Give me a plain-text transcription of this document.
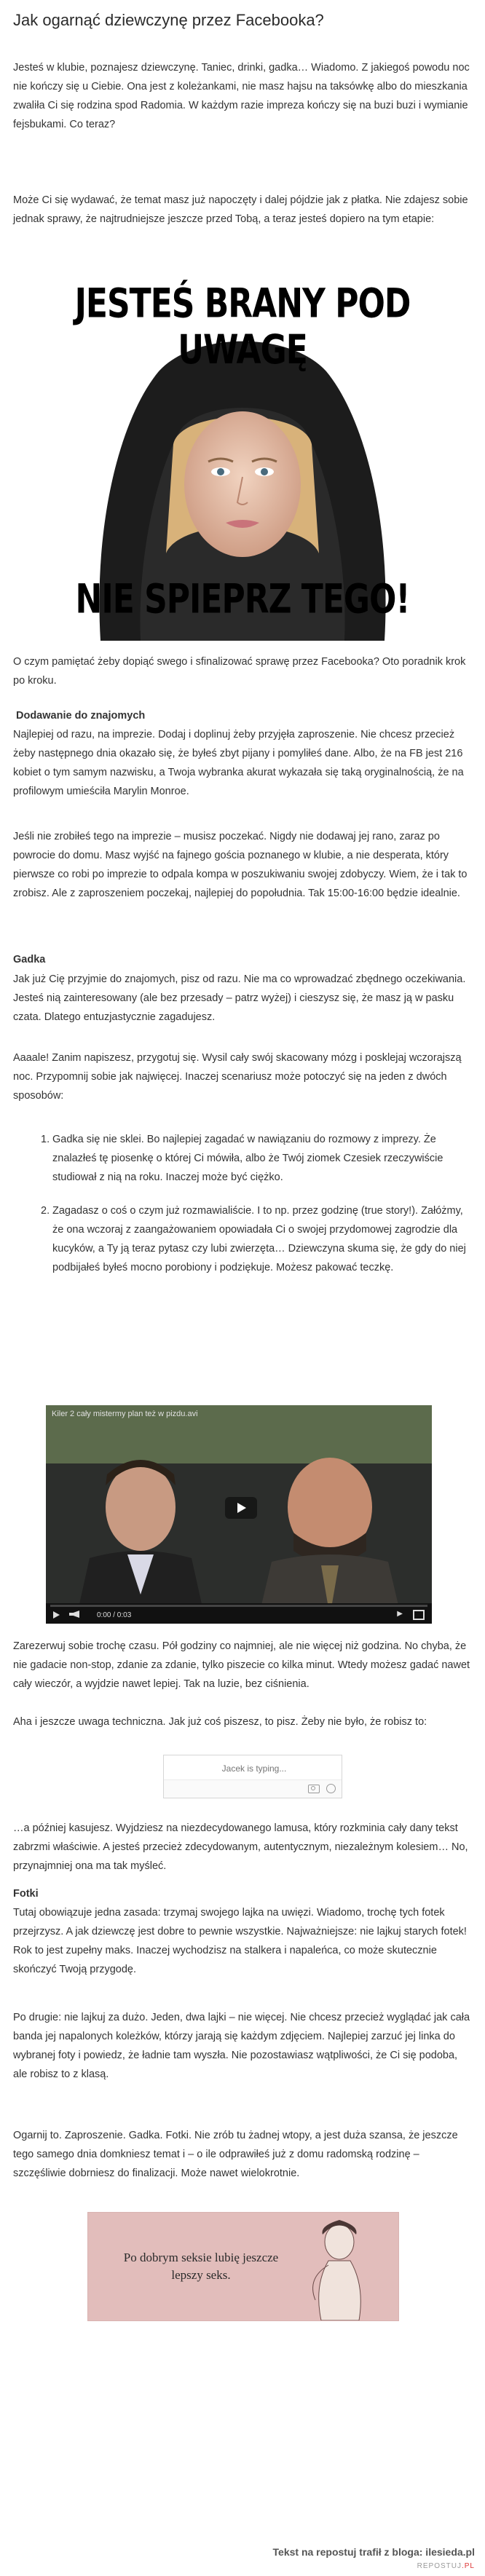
Jak ogarnąć dziewczynę przez Facebooka?

Jesteś w klubie, poznajesz dziewczynę. Taniec, drinki, gadka… Wiadomo. Z jakiegoś powodu noc nie kończy się u Ciebie. Ona jest z koleżankami, nie masz hajsu na taksówkę albo do mieszkania zwaliła Ci się rodzina spod Radomia. W każdym razie impreza kończy się na buzi buzi i wymianie fejsbukami. Co teraz?

Może Ci się wydawać, że temat masz już napoczęty i dalej pójdzie jak z płatka. Nie zdajesz sobie jednak sprawy, że najtrudniejsze jeszcze przed Tobą, a teraz jesteś dopiero na tym etapie:

JESTEŚ BRANY POD UWAGĘ
NIE SPIEPRZ TEGO!

O czym pamiętać żeby dopiąć swego i sfinalizować sprawę przez Facebooka? Oto poradnik krok po kroku.

Dodawanie do znajomych

Najlepiej od razu, na imprezie. Dodaj i doplinuj żeby przyjęła zaproszenie. Nie chcesz przecież żeby następnego dnia okazało się, że byłeś zbyt pijany i pomyliłeś dane. Albo, że na FB jest 216 kobiet o tym samym nazwisku, a Twoja wybranka akurat wykazała się taką oryginalnością, że na profilowym umieściła Marylin Monroe.

Jeśli nie zrobiłeś tego na imprezie – musisz poczekać. Nigdy nie dodawaj jej rano, zaraz po powrocie do domu. Masz wyjść na fajnego gościa poznanego w klubie, a nie desperata, który pierwsze co robi po imprezie to odpala kompa w poszukiwaniu swojej zdobyczy. Wiem, że i tak to zrobisz. Ale z zaproszeniem poczekaj, najlepiej do popołudnia. Tak 15:00-16:00 będzie idealnie.

Gadka

Jak już Cię przyjmie do znajomych, pisz od razu. Nie ma co wprowadzać zbędnego oczekiwania. Jesteś nią zainteresowany (ale bez przesady – patrz wyżej) i cieszysz się, że masz ją w pasku czata. Dlatego entuzjastycznie zagadujesz.

Aaaale! Zanim napiszesz, przygotuj się. Wysil cały swój skacowany mózg i posklejaj wczorajszą noc. Przypomnij sobie jak najwięcej. Inaczej scenariusz może potoczyć się na jeden z dwóch sposobów:

1. Gadka się nie sklei. Bo najlepiej zagadać w nawiązaniu do rozmowy z imprezy. Że znalazłeś tę piosenkę o której Ci mówiła, albo że Twój ziomek Czesiek rzeczywiście studiował z nią na roku. Inaczej może być ciężko.
2. Zagadasz o coś o czym już rozmawialiście. I to np. przez godzinę (true story!). Załóżmy, że ona wczoraj z zaangażowaniem opowiadała Ci o swojej przydomowej zagrodzie dla kucyków, a Ty ją teraz pytasz czy lubi zwierzęta… Dziewczyna skuma się, że gdy do niej podbijałeś byłeś mocno porobiony i podziękuje. Możesz pakować teczkę.
Kiler 2 cały mistermy plan też w pizdu.avi
0:00 / 0:03	▶

Zarezerwuj sobie trochę czasu. Pół godziny co najmniej, ale nie więcej niż godzina. No chyba, że nie gadacie non-stop, zdanie za zdanie, tylko piszecie co kilka minut. Wtedy możesz gadać nawet cały wieczór, a wyjdzie nawet lepiej. Tak na luzie, bez ciśnienia.

Aha i jeszcze uwaga techniczna. Jak już coś piszesz, to pisz. Żeby nie było, że robisz to:

Jacek is typing...

…a później kasujesz. Wyjdziesz na niezdecydowanego lamusa, który rozkminia cały dany tekst zabrzmi właściwie. A jesteś przecież zdecydowanym, autentycznym, niezależnym kolesiem… No, przynajmniej ona ma tak myśleć.

Fotki

Tutaj obowiązuje jedna zasada: trzymaj swojego lajka na uwięzi. Wiadomo, trochę tych fotek przejrzysz. A jak dziewczę jest dobre to pewnie wszystkie. Najważniejsze: nie lajkuj starych fotek! Rok to jest zupełny maks. Inaczej wychodzisz na stalkera i napaleńca, co może skutecznie skończyć Twoją przygodę.

Po drugie: nie lajkuj za dużo. Jeden, dwa lajki – nie więcej. Nie chcesz przecież wyglądać jak cała banda jej napalonych koleżków, którzy jarają się każdym zdjęciem. Najlepiej zarzuć jej linka do wybranej foty i powiedz, że ładnie tam wyszła. Nie pozostawiasz wątpliwości, że Ci się podoba, ale robisz to z klasą.

Ogarnij to. Zaproszenie. Gadka. Fotki. Nie zrób tu żadnej wtopy, a jest duża szansa, że jeszcze tego samego dnia domkniesz temat i – o ile odprawiłeś już z domu radomską rodzinę – szczęśliwie dobrniesz do finalizacji. Może nawet wielokrotnie.

Po dobrym seksie lubię jeszcze lepszy seks.
Tekst na repostuj trafił z bloga: ilesieda.pl
REPOSTUJ.PL
